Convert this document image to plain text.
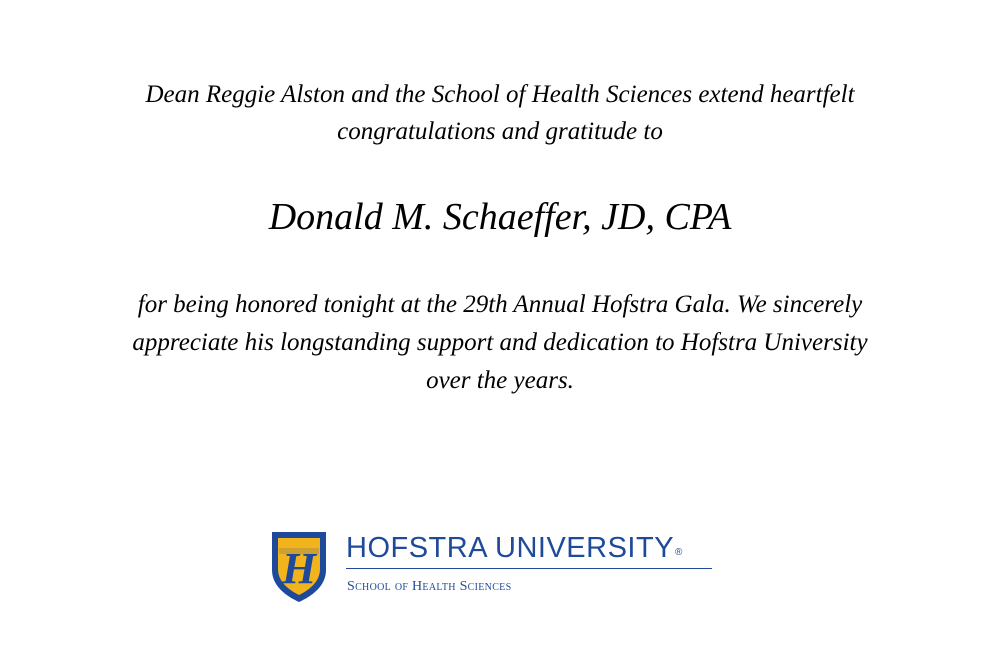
Dean Reggie Alston and the School of Health Sciences extend heartfelt
congratulations and gratitude to
Donald M. Schaeffer, JD, CPA
for being honored tonight at the 29th Annual Hofstra Gala. We sincerely
appreciate his longstanding support and dedication to Hofstra University
over the years.
H HOFSTRA UNIVERSITY®
School of Health Sciences
